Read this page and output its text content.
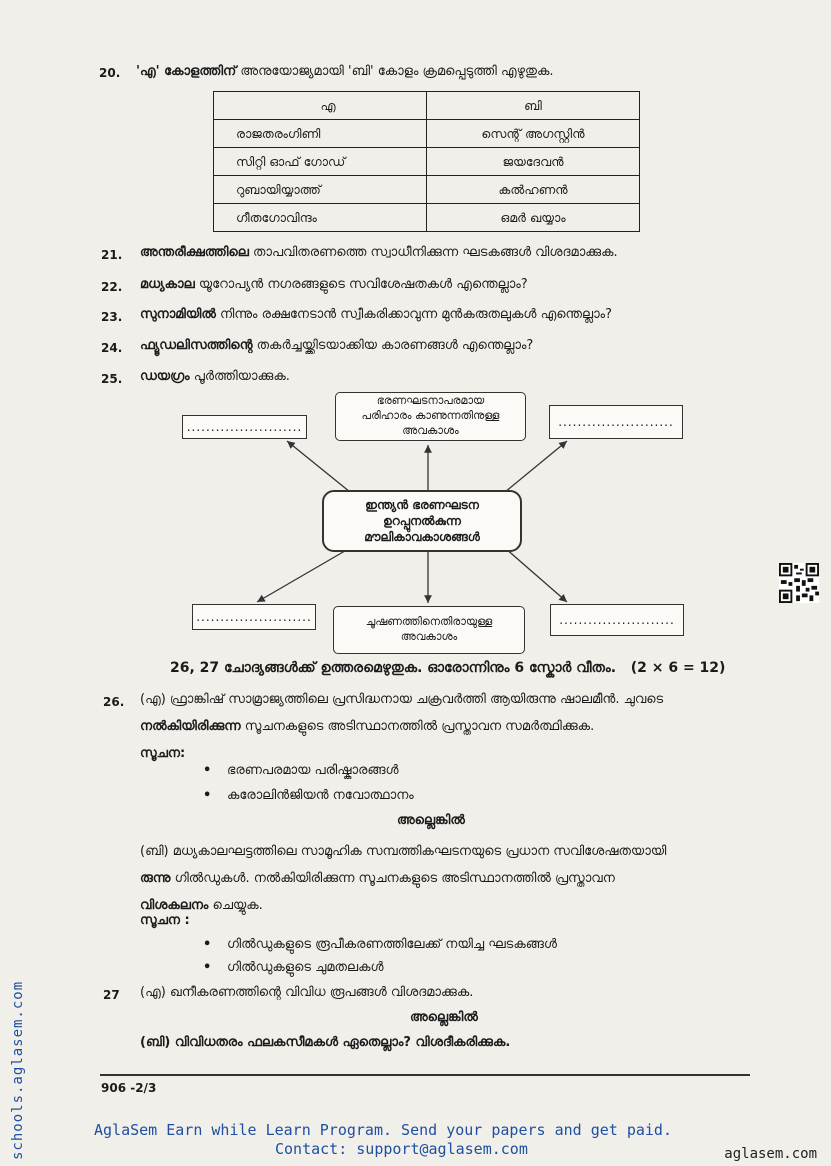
20. 'എ' കോളത്തിന് അനുയോജ്യമായി 'ബി' കോളം ക്രമപ്പെടുത്തി എഴുതുക.
എ	ബി
രാജതരംഗിണി	സെന്റ് അഗസ്റ്റിൻ
സിറ്റി ഓഫ് ഗോഡ്	ജയദേവൻ
റുബായിയ്യാത്ത്	കൽഹണൻ
ഗീതഗോവിന്ദം	ഒമർ ഖയ്യാം
21. അന്തരീക്ഷത്തിലെ താപവിതരണത്തെ സ്വാധീനിക്കുന്ന ഘടകങ്ങൾ വിശദമാക്കുക.
22. മധ്യകാല യൂറോപ്യൻ നഗരങ്ങളുടെ സവിശേഷതകൾ എന്തെല്ലാം?
23. സുനാമിയിൽ നിന്നും രക്ഷനേടാൻ സ്വീകരിക്കാവുന്ന മുൻകരുതലുകൾ എന്തെല്ലാം?
24. ഫ്യൂഡലിസത്തിന്റെ തകർച്ചയ്ക്കിടയാക്കിയ കാരണങ്ങൾ എന്തെല്ലാം?
25. ഡയഗ്രം പൂർത്തിയാക്കുക.
........................
ഭരണഘടനാപരമായ
പരിഹാരം കാണുന്നതിനുള്ള
അവകാശം
........................
ഇന്ത്യൻ ഭരണഘടന
ഉറപ്പുനൽകുന്ന
മൗലികാവകാശങ്ങൾ
........................	ചൂഷണത്തിനെതിരായുള്ള
അവകാശം
........................
26, 27 ചോദ്യങ്ങൾക്ക് ഉത്തരമെഴുതുക. ഓരോന്നിനും 6 സ്കോർ വീതം. (2 × 6 = 12)
26. (എ) ഫ്രാങ്കിഷ് സാമ്രാജ്യത്തിലെ പ്രസിദ്ധനായ ചക്രവർത്തി ആയിരുന്നു ഷാലമീൻ. ചുവടെ
നൽകിയിരിക്കുന്ന സൂചനകളുടെ അടിസ്ഥാനത്തിൽ പ്രസ്താവന സമർത്ഥിക്കുക.
സൂചന:
• ഭരണപരമായ പരിഷ്കാരങ്ങൾ
• കരോലിൻജിയൻ നവോത്ഥാനം
അല്ലെങ്കിൽ
(ബി) മധ്യകാലഘട്ടത്തിലെ സാമൂഹിക സമ്പത്തികഘടനയുടെ പ്രധാന സവിശേഷതയായി
രുന്നു ഗിൽഡുകൾ. നൽകിയിരിക്കുന്ന സൂചനകളുടെ അടിസ്ഥാനത്തിൽ പ്രസ്താവന
വിശകലനം ചെയ്യുക.
സൂചന :
• ഗിൽഡുകളുടെ രൂപീകരണത്തിലേക്ക് നയിച്ച ഘടകങ്ങൾ
• ഗിൽഡുകളുടെ ചുമതലകൾ
27 (എ) ഖനീകരണത്തിന്റെ വിവിധ രൂപങ്ങൾ വിശദമാക്കുക.
അല്ലെങ്കിൽ
(ബി) വിവിധതരം ഫലകസീമകൾ ഏതെല്ലാം? വിശദീകരിക്കുക.
906 -2/3
schools.aglasem.com	AglaSem Earn while Learn Program. Send your papers and get paid.
Contact: support@aglasem.com	aglasem.com
